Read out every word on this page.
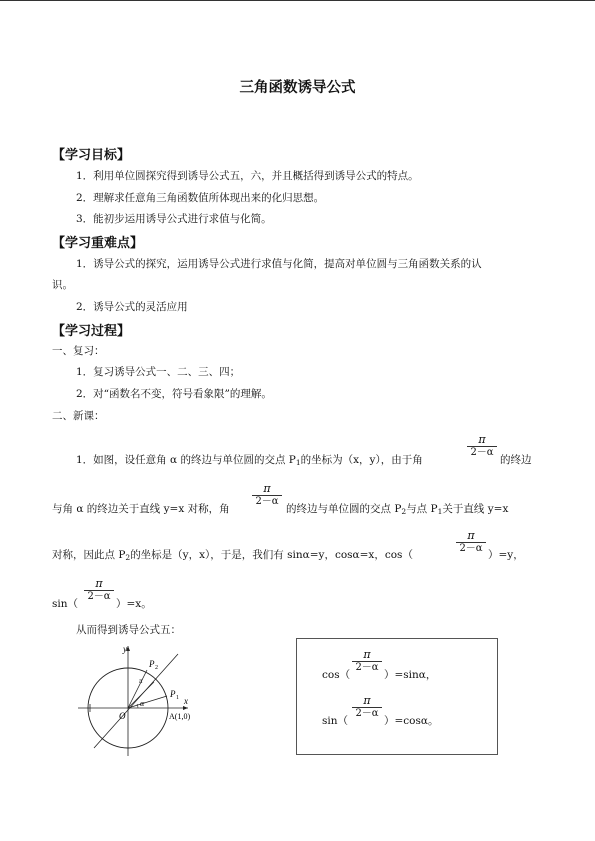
三角函数诱导公式
【学习目标】
1．利用单位圆探究得到诱导公式五，六，并且概括得到诱导公式的特点。
2．理解求任意角三角函数值所体现出来的化归思想。
3．能初步运用诱导公式进行求值与化简。
【学习重难点】
1．诱导公式的探究，运用诱导公式进行求值与化简，提高对单位圆与三角函数关系的认
识。
2．诱导公式的灵活应用
【学习过程】
一、复习：
1．复习诱导公式一、二、三、四；
2．对“函数名不变，符号看象限”的理解。
二、新课：
1．如图，设任意角 α 的终边与单位圆的交点 $P_1$的坐标为（x，y），由于角
π
2－α
的终边
与角 α 的终边关于直线 y=x 对称，角
π
2－α
的终边与单位圆的交点 $P_2$与点 $P_1$关于直线 y=x
对称，因此点 $P_2$的坐标是（y，x），于是，我们有 sinα=y，cosα=x，cos（
π
2－α
）=y，
sin（
π
2－α
）=x。
从而得到诱导公式五：
y
x
O
P 1
P 2
π
α
A(1,0)
cos（
π
2－α
）=sinα，
sin（
π
2－α
）=cosα。
